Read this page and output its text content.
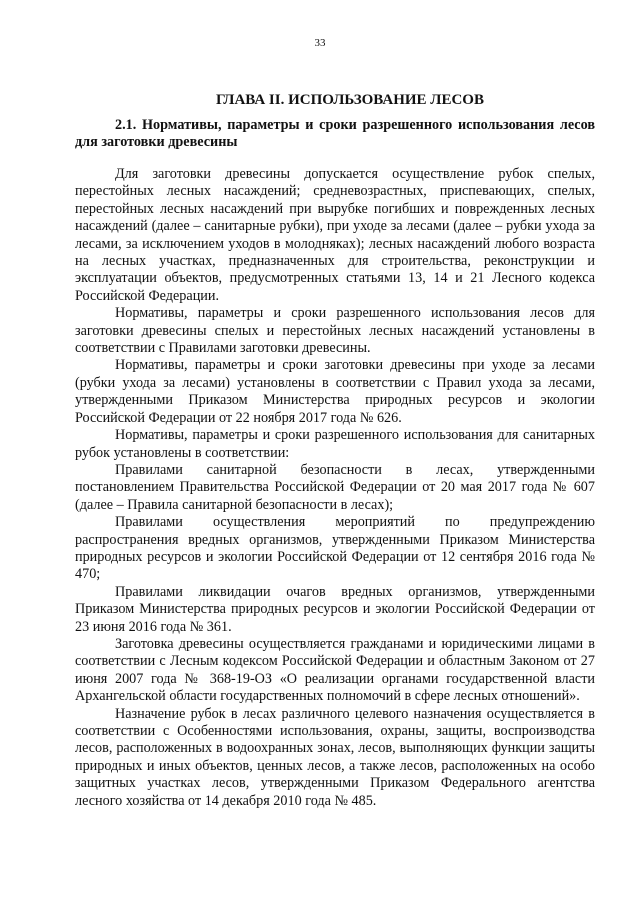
33
ГЛАВА II. ИСПОЛЬЗОВАНИЕ ЛЕСОВ

2.1. Нормативы, параметры и сроки разрешенного использования лесов для заготовки древесины

Для заготовки древесины допускается осуществление рубок спелых, перестойных лесных насаждений; средневозрастных, приспевающих, спелых, перестойных лесных насаждений при вырубке погибших и поврежденных лесных насаждений (далее – санитарные рубки), при уходе за лесами (далее – рубки ухода за лесами, за исключением уходов в молодняках); лесных насаждений любого возраста на лесных участках, предназначенных для строительства, реконструкции и эксплуатации объектов, предусмотренных статьями 13, 14 и 21 Лесного кодекса Российской Федерации.

Нормативы, параметры и сроки разрешенного использования лесов для заготовки древесины спелых и перестойных лесных насаждений установлены в соответствии с Правилами заготовки древесины.

Нормативы, параметры и сроки заготовки древесины при уходе за лесами (рубки ухода за лесами) установлены в соответствии с Правил ухода за лесами, утвержденными Приказом Министерства природных ресурсов и экологии Российской Федерации от 22 ноября 2017 года № 626.

Нормативы, параметры и сроки разрешенного использования для санитарных рубок установлены в соответствии:

Правилами санитарной безопасности в лесах, утвержденными постановлением Правительства Российской Федерации от 20 мая 2017 года № 607 (далее – Правила санитарной безопасности в лесах);

Правилами осуществления мероприятий по предупреждению распространения вредных организмов, утвержденными Приказом Министерства природных ресурсов и экологии Российской Федерации от 12 сентября 2016 года № 470;

Правилами ликвидации очагов вредных организмов, утвержденными Приказом Министерства природных ресурсов и экологии Российской Федерации от 23 июня 2016 года № 361.

Заготовка древесины осуществляется гражданами и юридическими лицами в соответствии с Лесным кодексом Российской Федерации и областным Законом от 27 июня 2007 года № 368-19-ОЗ «О реализации органами государственной власти Архангельской области государственных полномочий в сфере лесных отношений».

Назначение рубок в лесах различного целевого назначения осуществляется в соответствии с Особенностями использования, охраны, защиты, воспроизводства лесов, расположенных в водоохранных зонах, лесов, выполняющих функции защиты природных и иных объектов, ценных лесов, а также лесов, расположенных на особо защитных участках лесов, утвержденными Приказом Федерального агентства лесного хозяйства от 14 декабря 2010 года № 485.
